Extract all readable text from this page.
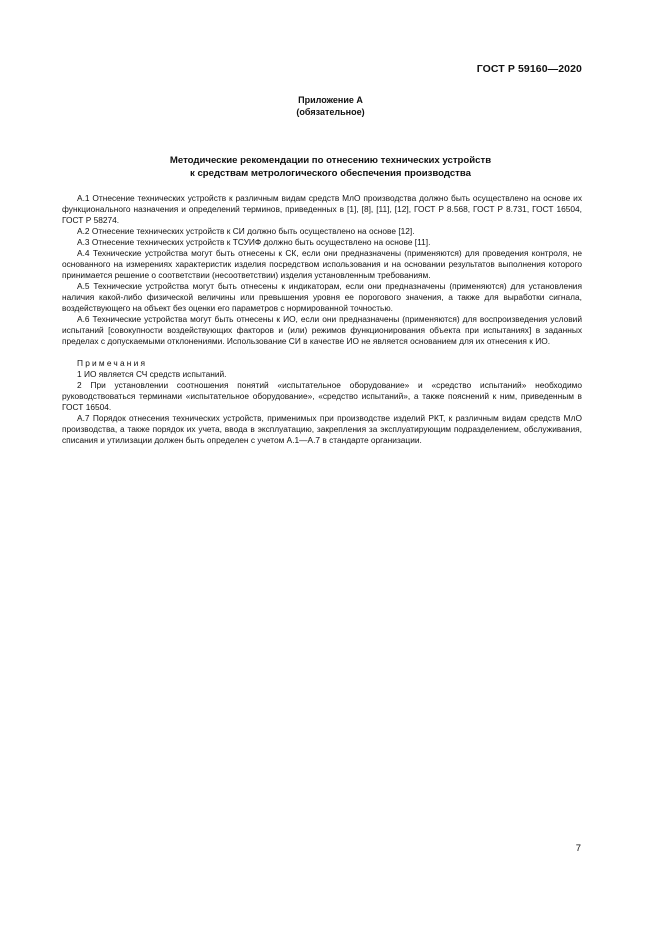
ГОСТ Р 59160—2020
Приложение А
(обязательное)
Методические рекомендации по отнесению технических устройств
к средствам метрологического обеспечения производства

А.1 Отнесение технических устройств к различным видам средств МлО производства должно быть осуществлено на основе их функционального назначения и определений терминов, приведенных в [1], [8], [11], [12], ГОСТ Р 8.568, ГОСТ Р 8.731, ГОСТ 16504, ГОСТ Р 58274.

А.2 Отнесение технических устройств к СИ должно быть осуществлено на основе [12].

А.3 Отнесение технических устройств к ТСУИФ должно быть осуществлено на основе [11].

А.4 Технические устройства могут быть отнесены к СК, если они предназначены (применяются) для проведения контроля, не основанного на измерениях характеристик изделия посредством использования и на основании результатов выполнения которого принимается решение о соответствии (несоответствии) изделия установленным требованиям.

А.5 Технические устройства могут быть отнесены к индикаторам, если они предназначены (применяются) для установления наличия какой-либо физической величины или превышения уровня ее порогового значения, а также для выработки сигнала, воздействующего на объект без оценки его параметров с нормированной точностью.

А.6 Технические устройства могут быть отнесены к ИО, если они предназначены (применяются) для воспроизведения условий испытаний [совокупности воздействующих факторов и (или) режимов функционирования объекта при испытаниях] в заданных пределах с допускаемыми отклонениями. Использование СИ в качестве ИО не является основанием для их отнесения к ИО.

Примечания

1 ИО является СЧ средств испытаний.

2 При установлении соотношения понятий «испытательное оборудование» и «средство испытаний» необходимо руководствоваться терминами «испытательное оборудование», «средство испытаний», а также пояснений к ним, приведенным в ГОСТ 16504.

А.7 Порядок отнесения технических устройств, применимых при производстве изделий РКТ, к различным видам средств МлО производства, а также порядок их учета, ввода в эксплуатацию, закрепления за эксплуатирующим подразделением, обслуживания, списания и утилизации должен быть определен с учетом А.1—А.7 в стандарте организации.

7
